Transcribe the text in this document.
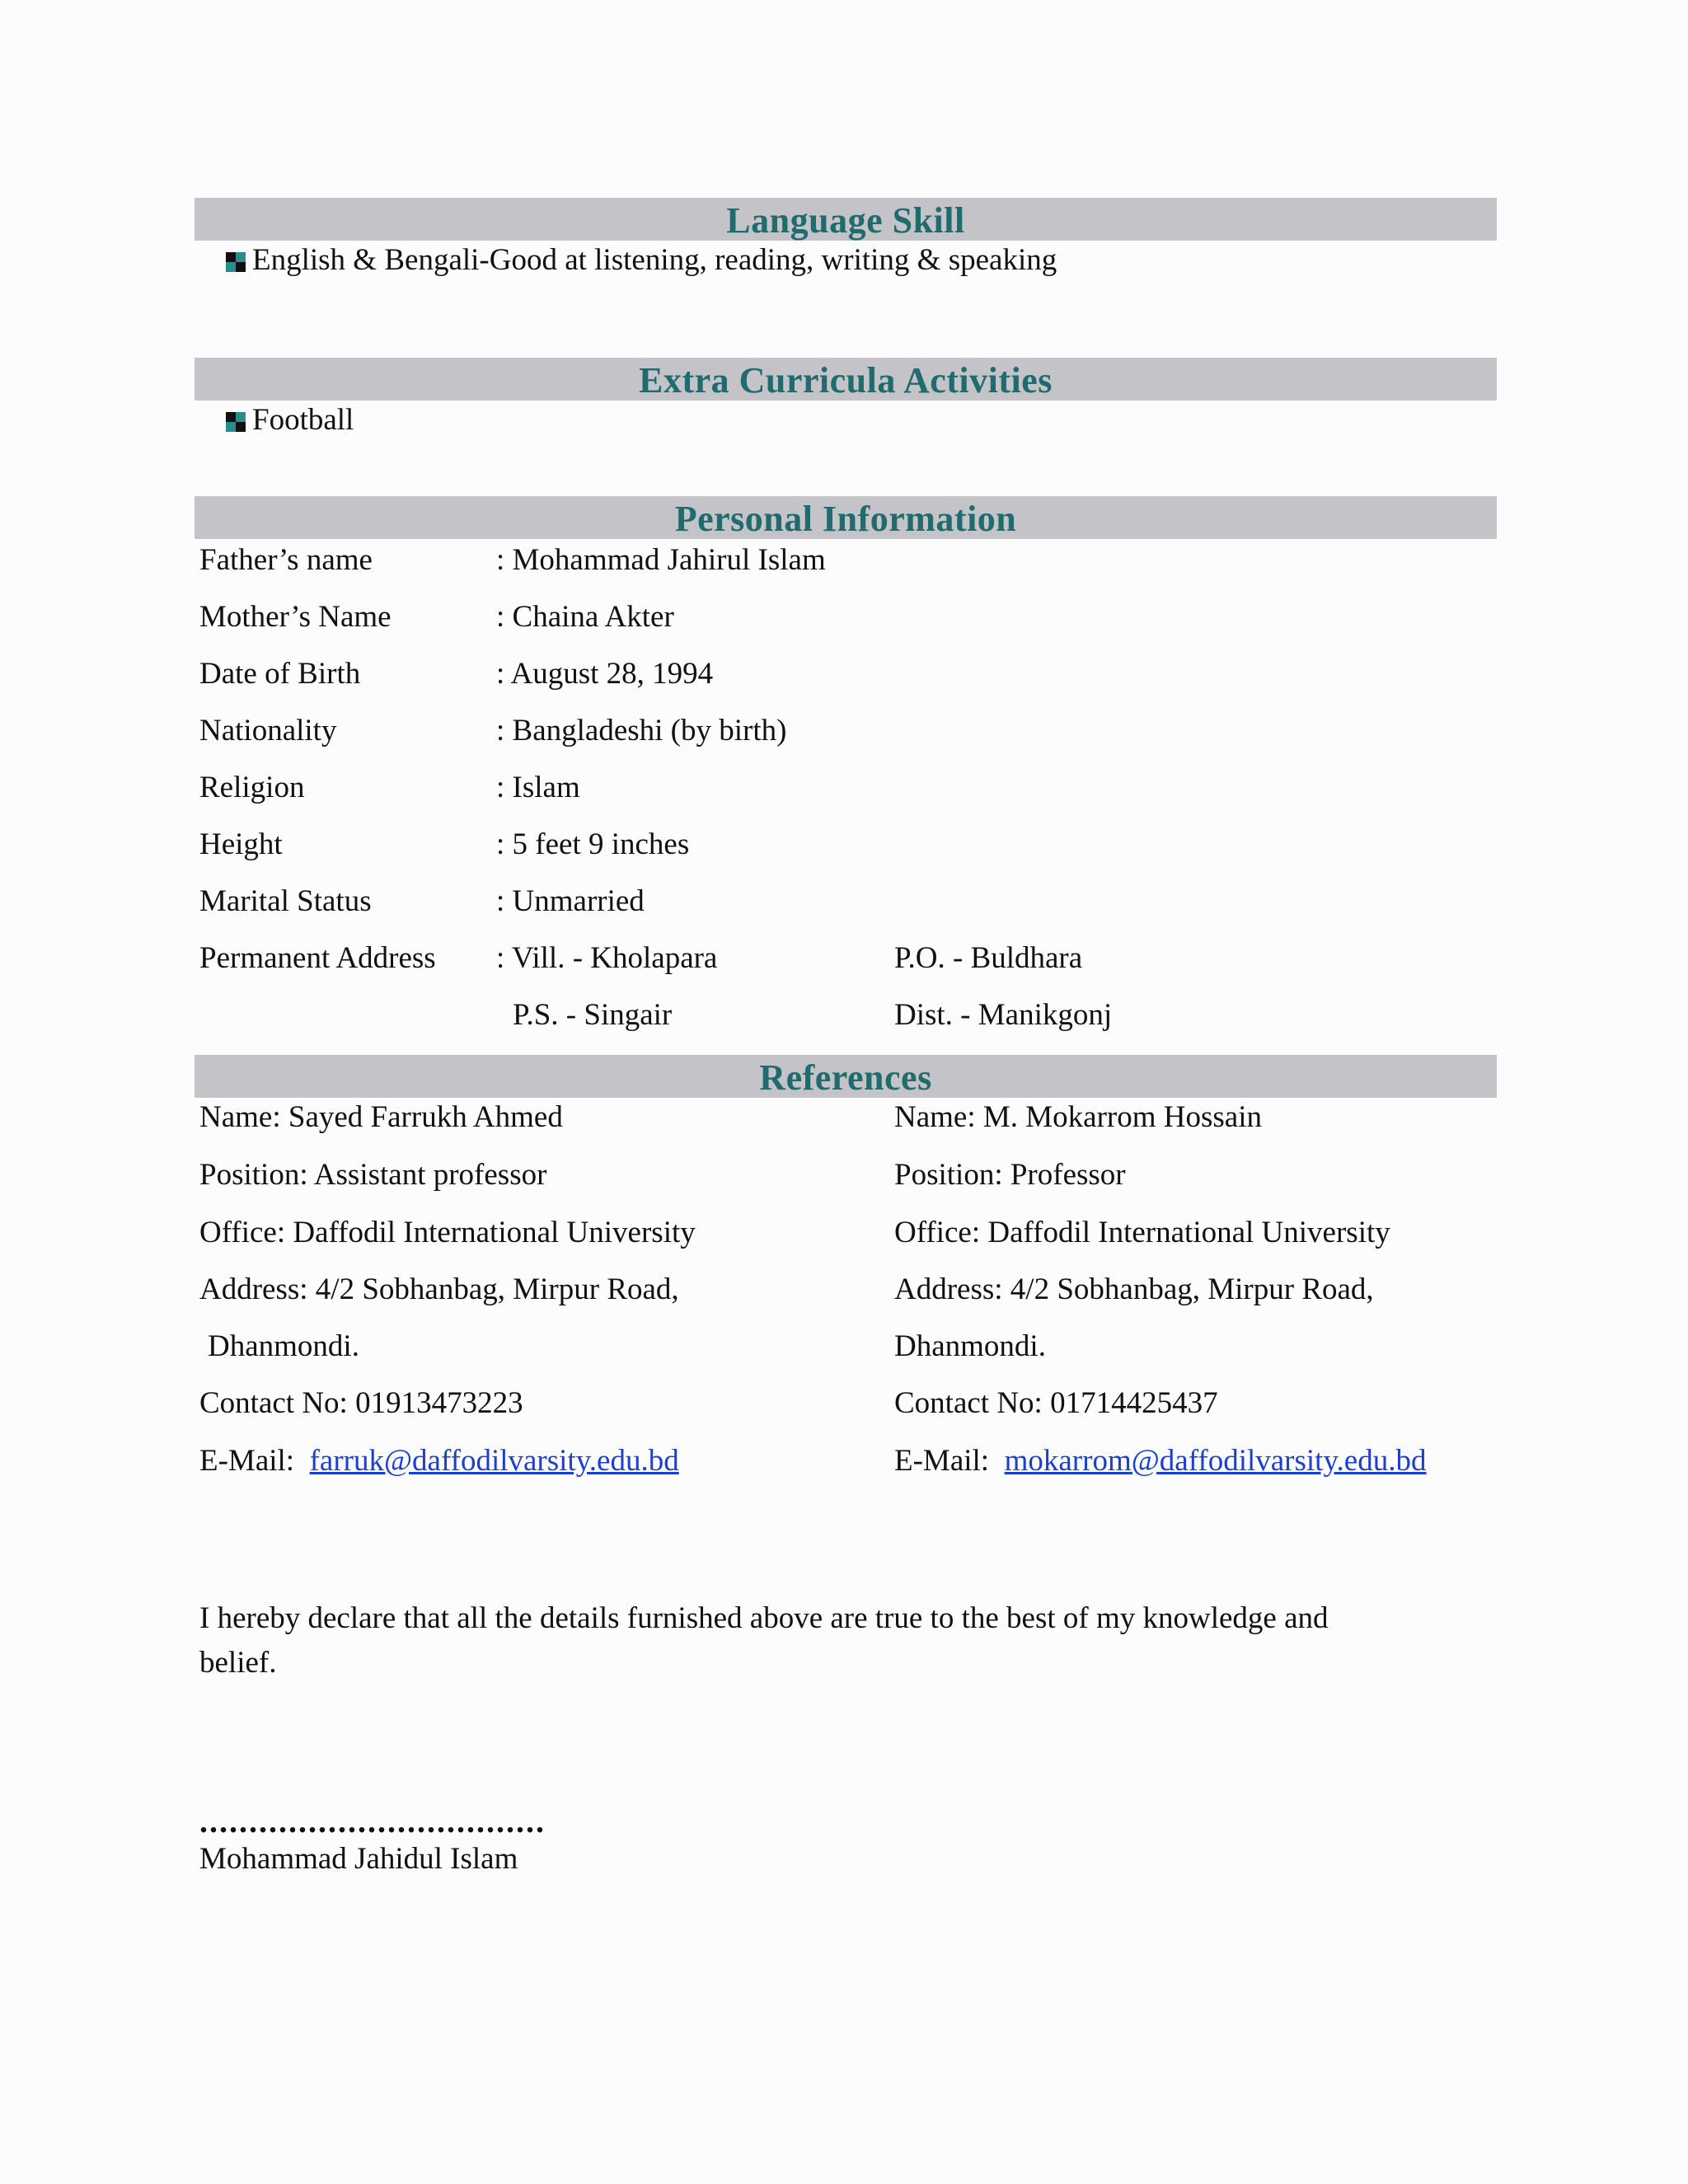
Language Skill
English & Bengali-Good at listening, reading, writing & speaking
Extra Curricula Activities
Football
Personal Information
Father’s name	: Mohammad Jahirul Islam
Mother’s Name	: Chaina Akter
Date of Birth	: August 28, 1994
Nationality	: Bangladeshi (by birth)
Religion	: Islam
Height	: 5 feet 9 inches
Marital Status	: Unmarried
Permanent Address : Vill. - Kholapara	P.O. - Buldhara
P.S. - Singair	Dist. - Manikgonj
References
Name: Sayed Farrukh Ahmed
Position: Assistant professor
Office: Daffodil International University
Address: 4/2 Sobhanbag, Mirpur Road,
Dhanmondi.
Contact No: 01913473223
E-Mail: farruk@daffodilvarsity.edu.bd
Name: M. Mokarrom Hossain
Position: Professor
Office: Daffodil International University
Address: 4/2 Sobhanbag, Mirpur Road,
Dhanmondi.
Contact No: 01714425437
E-Mail: mokarrom@daffodilvarsity.edu.bd
I hereby declare that all the details furnished above are true to the best of my knowledge and
belief.
...................................
Mohammad Jahidul Islam
